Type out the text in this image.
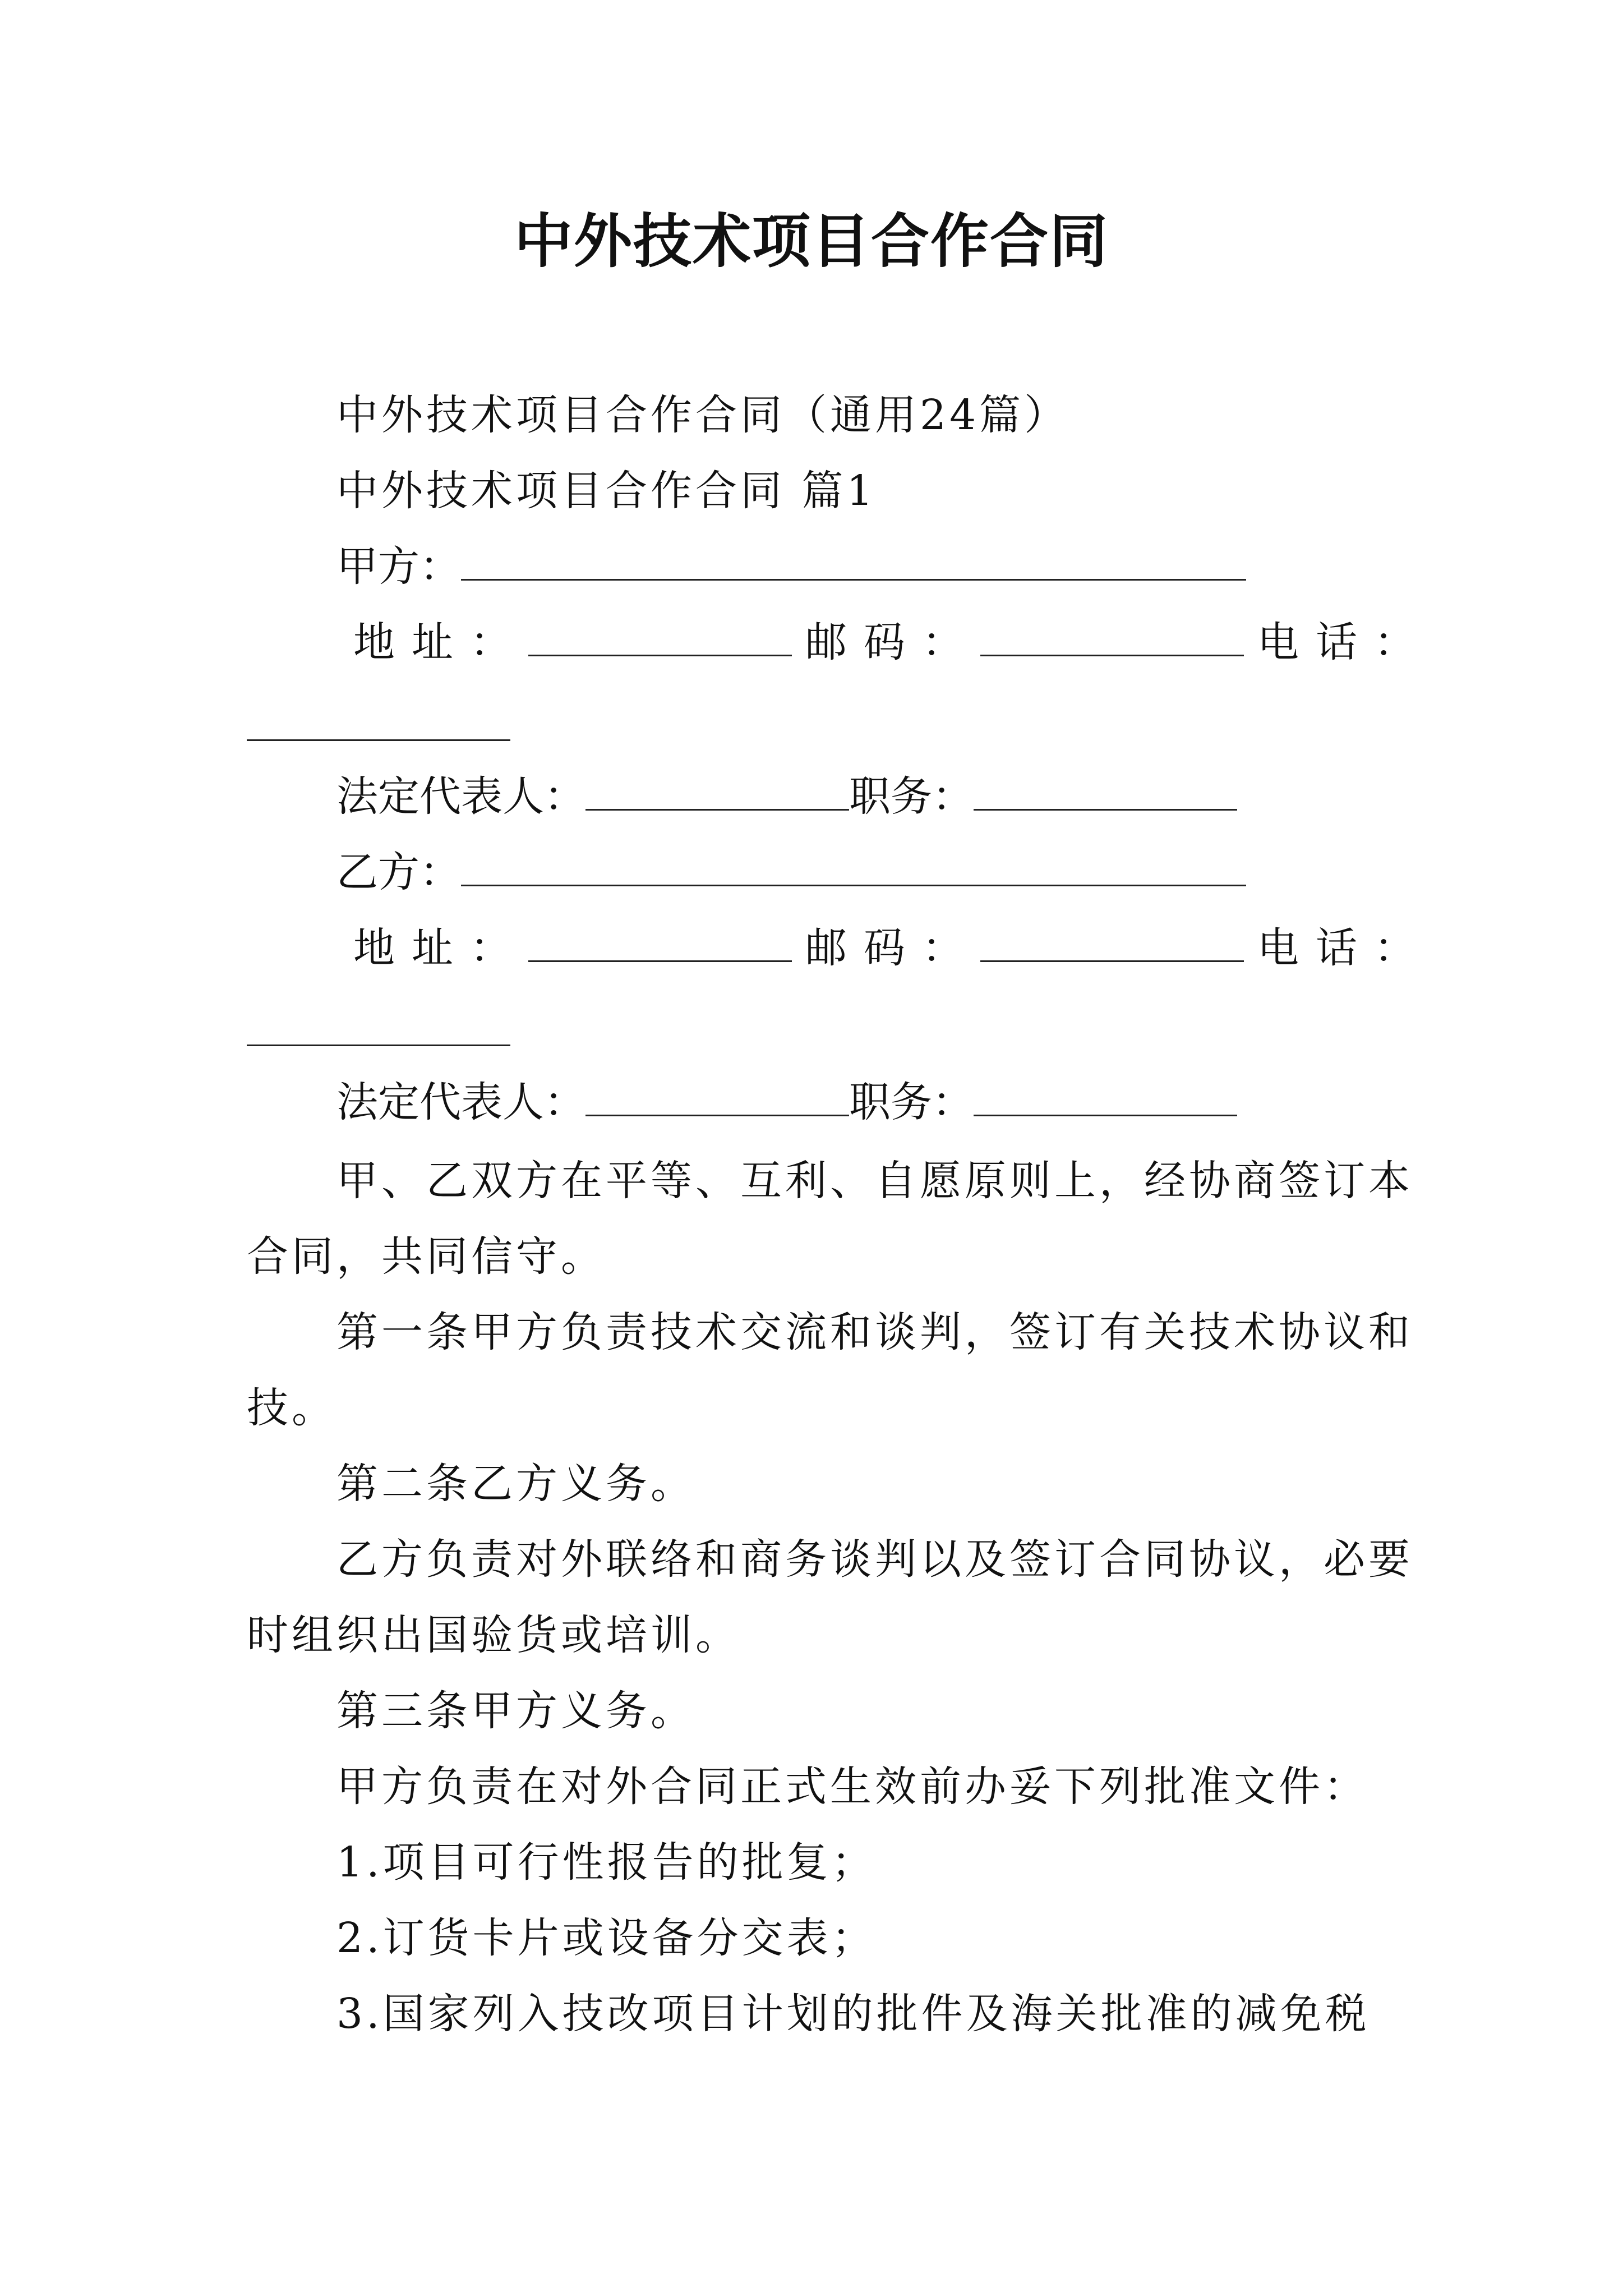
中外技术项目合作合同
中外技术项目合作合同（通用24篇）
中外技术项目合作合同 篇1
甲方：
地址：	邮码：	电话：
法定代表人：	职务：
乙方：
地址：	邮码：	电话：
法定代表人：	职务：
甲、乙双方在平等、互利、自愿原则上，经协商签订本
合同，共同信守。
第一条甲方负责技术交流和谈判，签订有关技术协议和
技。
第二条乙方义务。
乙方负责对外联络和商务谈判以及签订合同协议，必要
时组织出国验货或培训。
第三条甲方义务。
甲方负责在对外合同正式生效前办妥下列批准文件：
1.项目可行性报告的批复；
2.订货卡片或设备分交表；
3.国家列入技改项目计划的批件及海关批准的减免税
